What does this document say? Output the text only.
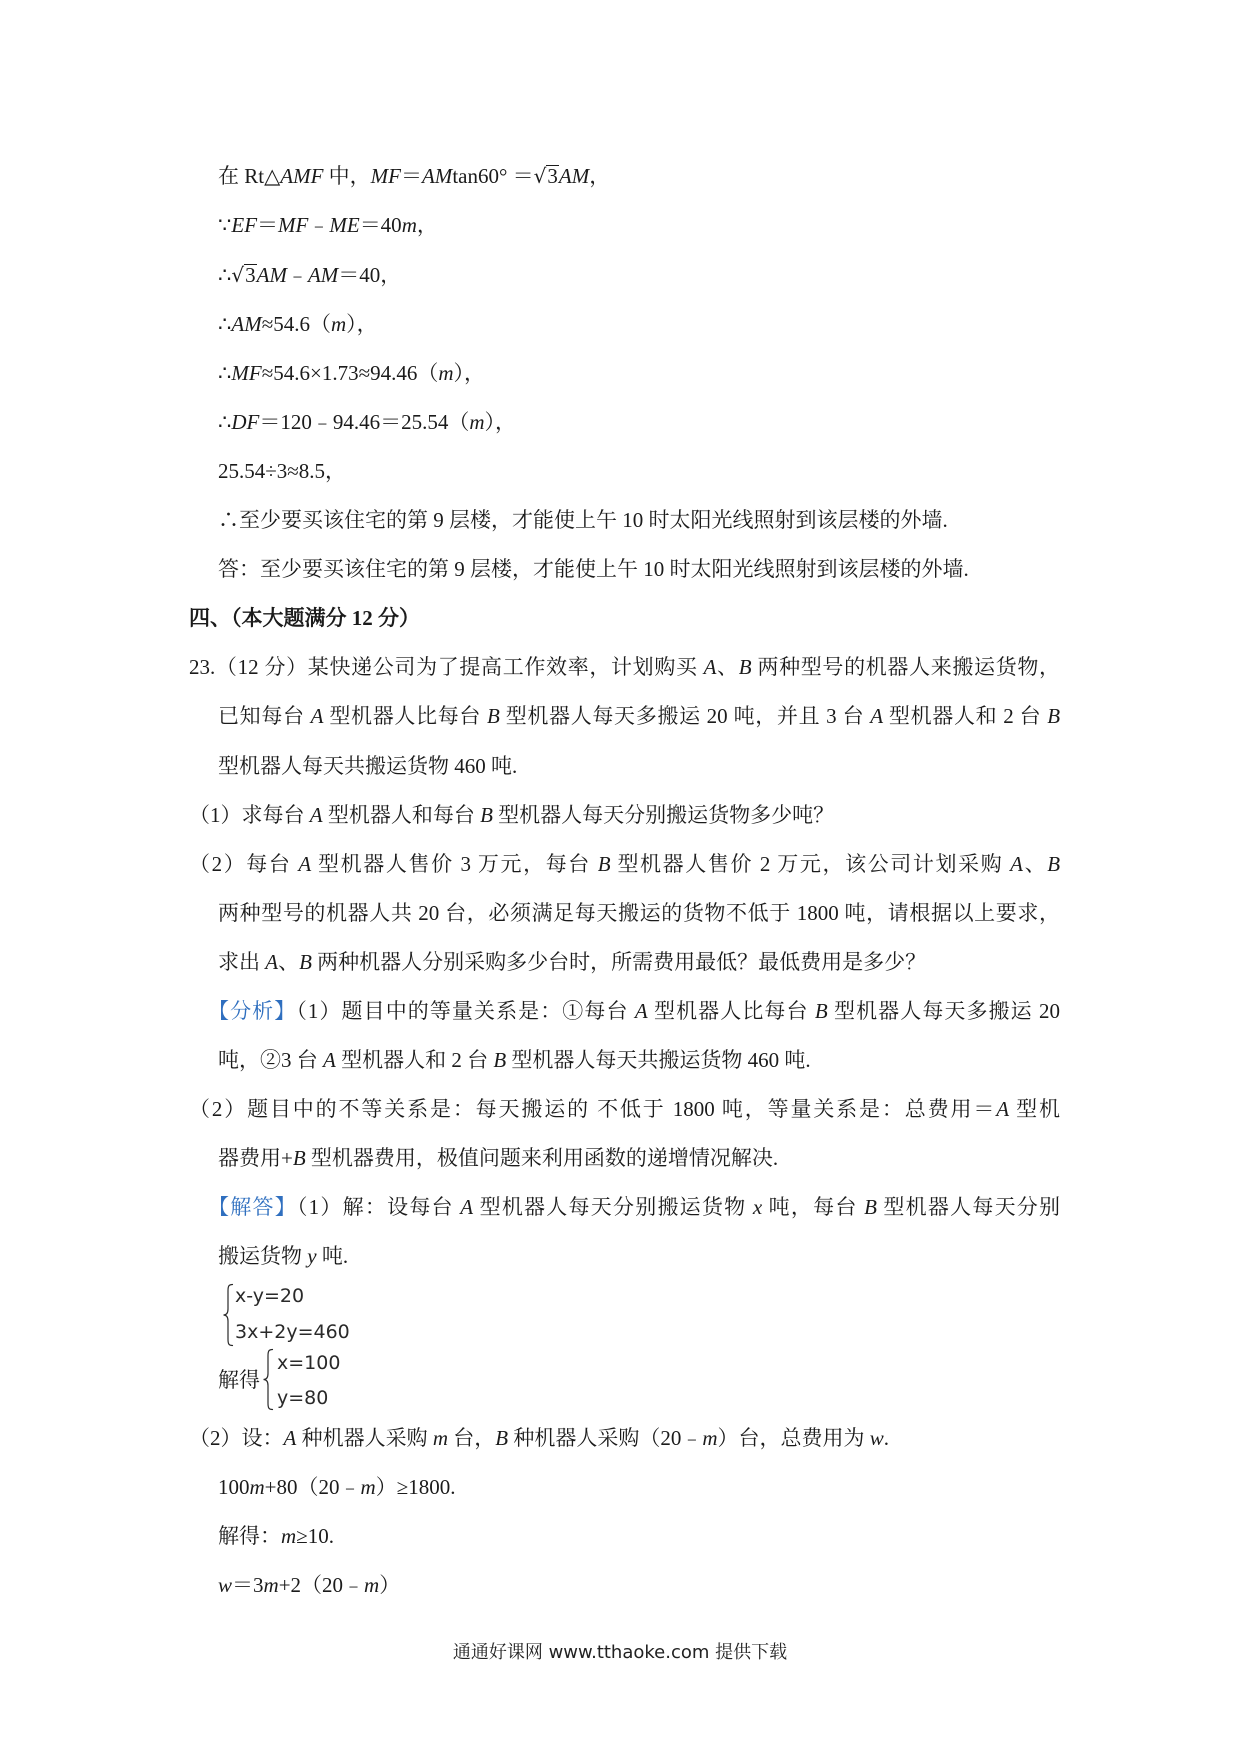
在 Rt△AMF 中，MF＝AMtan60° ＝√3AM，
∵EF＝MF﹣ME＝40m，
∴√3AM﹣AM＝40，
∴AM≈54.6（m），
∴MF≈54.6×1.73≈94.46（m），
∴DF＝120﹣94.46＝25.54（m），
25.54÷3≈8.5，
∴至少要买该住宅的第 9 层楼，才能使上午 10 时太阳光线照射到该层楼的外墙.
答：至少要买该住宅的第 9 层楼，才能使上午 10 时太阳光线照射到该层楼的外墙.
四、（本大题满分 12 分）
23.（12 分）某快递公司为了提高工作效率，计划购买 A、B 两种型号的机器人来搬运货物，
已知每台 A 型机器人比每台 B 型机器人每天多搬运 20 吨，并且 3 台 A 型机器人和 2 台 B
型机器人每天共搬运货物 460 吨.
（1）求每台 A 型机器人和每台 B 型机器人每天分别搬运货物多少吨？
（2）每台 A 型机器人售价 3 万元，每台 B 型机器人售价 2 万元，该公司计划采购 A、B
两种型号的机器人共 20 台，必须满足每天搬运的货物不低于 1800 吨，请根据以上要求，
求出 A、B 两种机器人分别采购多少台时，所需费用最低？最低费用是多少？
【分析】（1）题目中的等量关系是：①每台 A 型机器人比每台 B 型机器人每天多搬运 20
吨，②3 台 A 型机器人和 2 台 B 型机器人每天共搬运货物 460 吨.
（2）题目中的不等关系是：每天搬运的 不低于 1800 吨，等量关系是：总费用＝A 型机
器费用+B 型机器费用，极值问题来利用函数的递增情况解决.
【解答】（1）解：设每台 A 型机器人每天分别搬运货物 x 吨，每台 B 型机器人每天分别
搬运货物 y 吨.
x-y=20
3x+2y=460
解得
x=100
y=80
（2）设：A 种机器人采购 m 台，B 种机器人采购（20﹣m）台，总费用为 w.
100m+80（20﹣m）≥1800.
解得：m≥10.
w＝3m+2（20﹣m）
通通好课网 www.tthaoke.com 提供下载
